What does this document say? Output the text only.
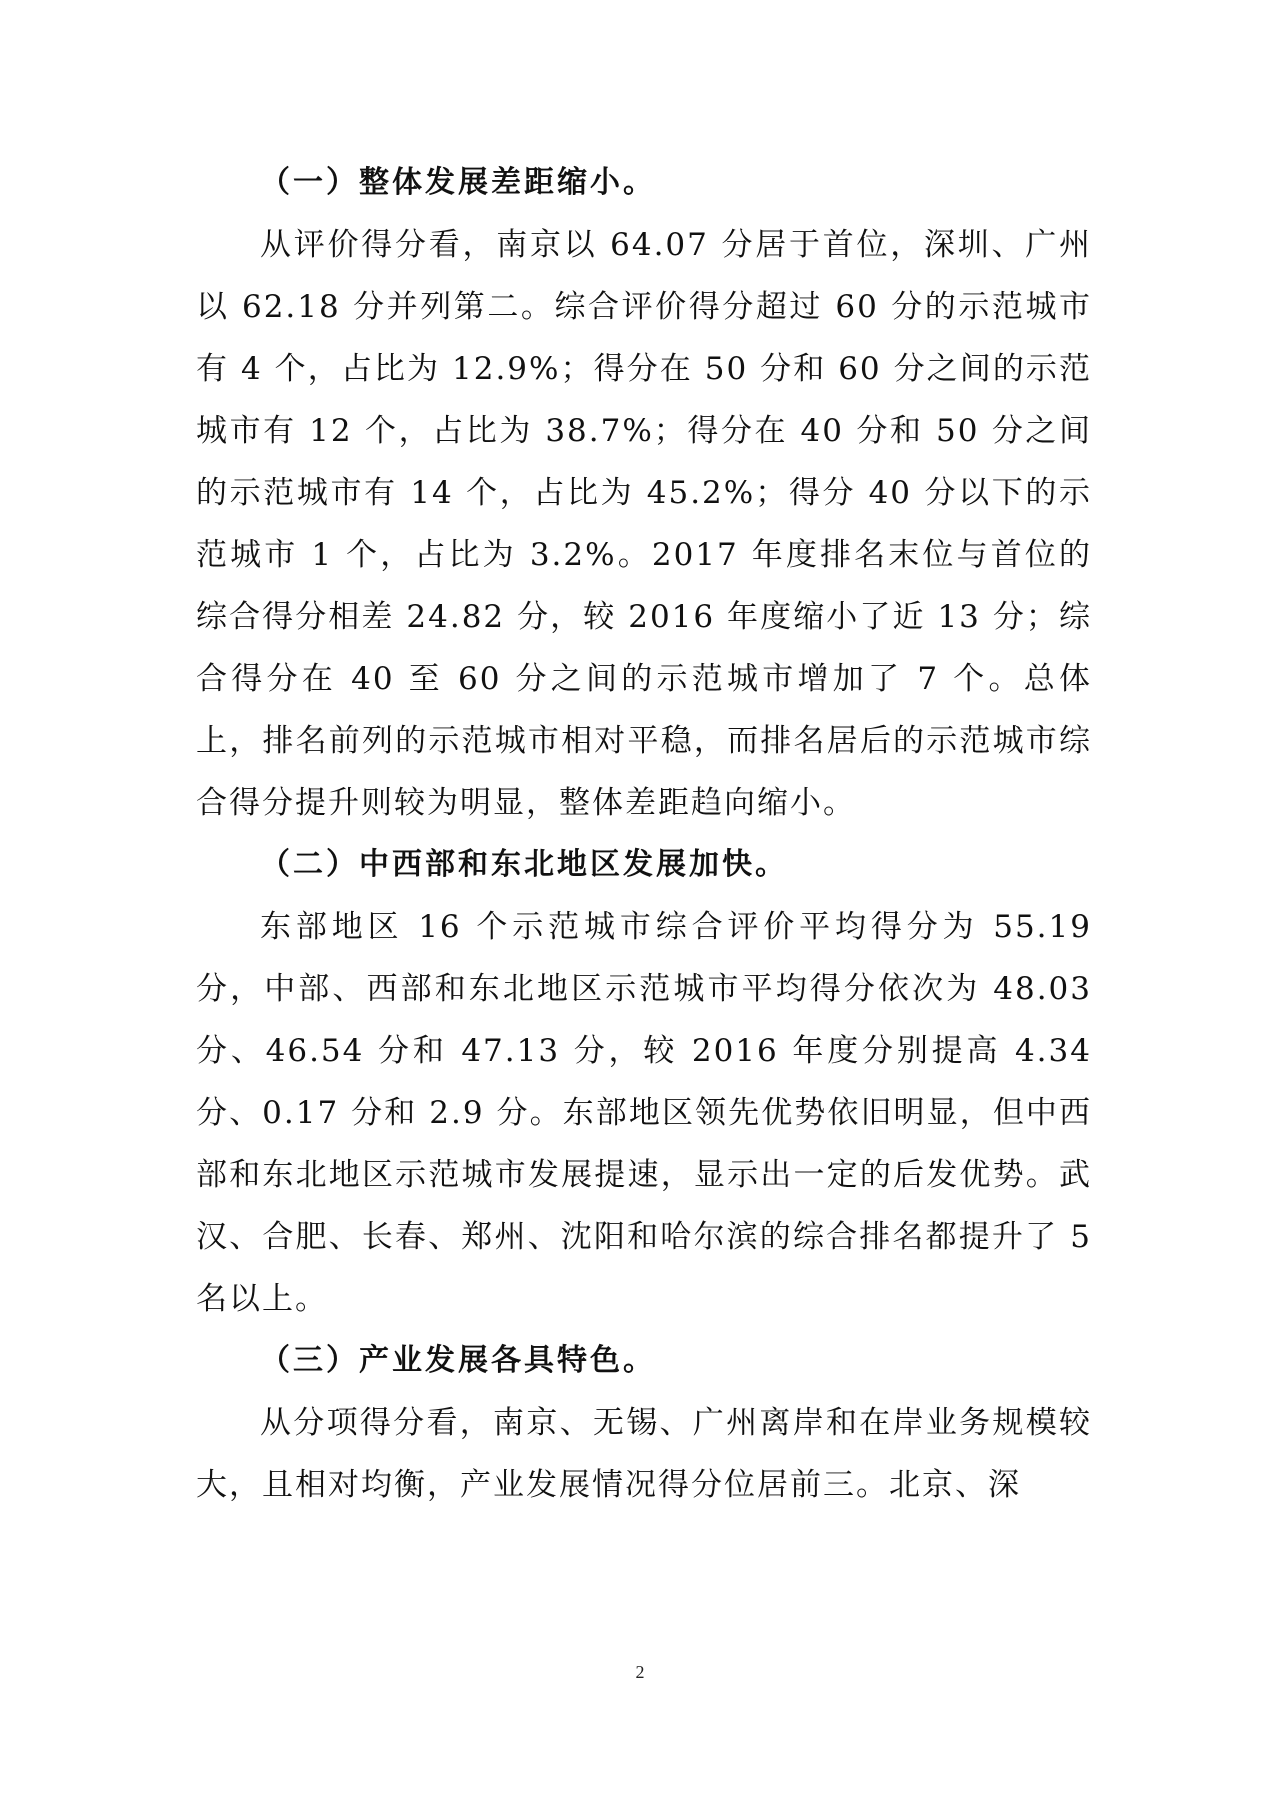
（一）整体发展差距缩小。

从评价得分看，南京以 64.07 分居于首位，深圳、广州以 62.18 分并列第二。综合评价得分超过 60 分的示范城市有 4 个，占比为 12.9%；得分在 50 分和 60 分之间的示范城市有 12 个，占比为 38.7%；得分在 40 分和 50 分之间的示范城市有 14 个，占比为 45.2%；得分 40 分以下的示范城市 1 个，占比为 3.2%。2017 年度排名末位与首位的综合得分相差 24.82 分，较 2016 年度缩小了近 13 分；综合得分在 40 至 60 分之间的示范城市增加了 7 个。总体上，排名前列的示范城市相对平稳，而排名居后的示范城市综合得分提升则较为明显，整体差距趋向缩小。

（二）中西部和东北地区发展加快。

东部地区 16 个示范城市综合评价平均得分为 55.19 分，中部、西部和东北地区示范城市平均得分依次为 48.03 分、46.54 分和 47.13 分，较 2016 年度分别提高 4.34 分、0.17 分和 2.9 分。东部地区领先优势依旧明显，但中西部和东北地区示范城市发展提速，显示出一定的后发优势。武汉、合肥、长春、郑州、沈阳和哈尔滨的综合排名都提升了 5 名以上。

（三）产业发展各具特色。

从分项得分看，南京、无锡、广州离岸和在岸业务规模较大，且相对均衡，产业发展情况得分位居前三。北京、深

2
